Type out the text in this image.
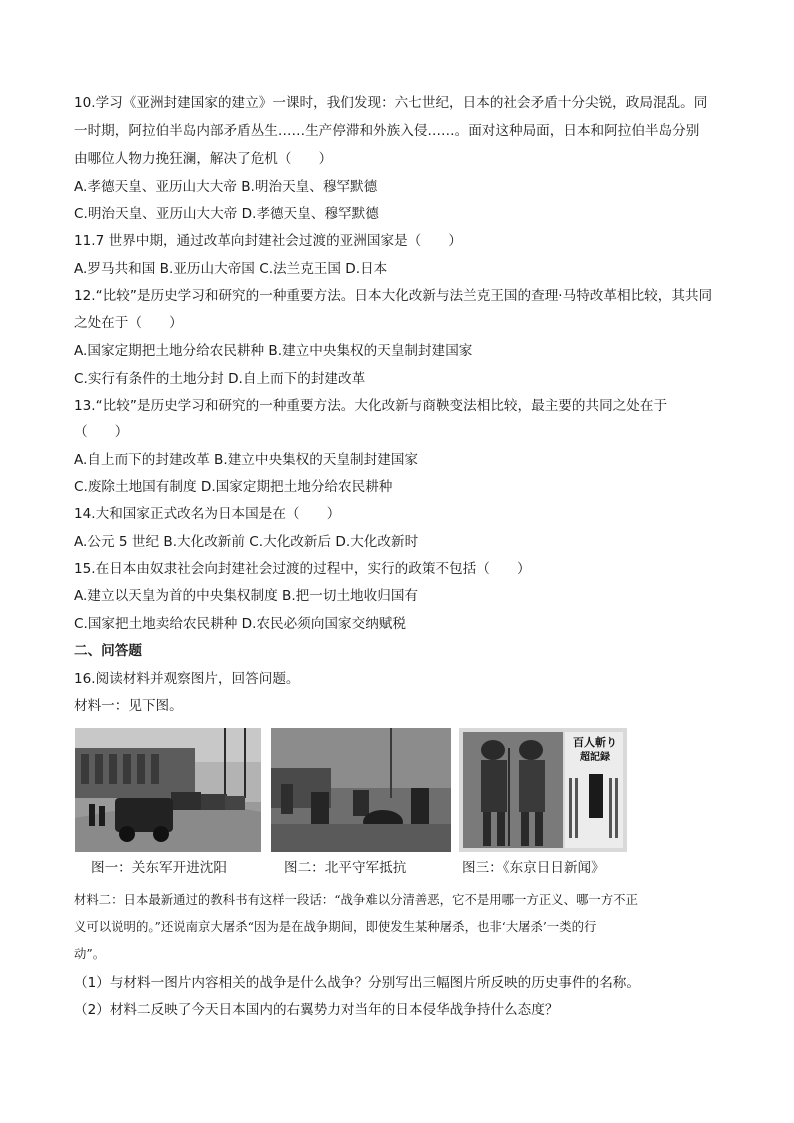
10.学习《亚洲封建国家的建立》一课时，我们发现：六七世纪，日本的社会矛盾十分尖锐，政局混乱。同
一时期，阿拉伯半岛内部矛盾丛生……生产停滞和外族入侵……。面对这种局面，日本和阿拉伯半岛分别
由哪位人物力挽狂澜，解决了危机（　　）
A.孝德天皇、亚历山大大帝 B.明治天皇、穆罕默德
C.明治天皇、亚历山大大帝 D.孝德天皇、穆罕默德
11.7 世界中期，通过改革向封建社会过渡的亚洲国家是（　　）
A.罗马共和国 B.亚历山大帝国 C.法兰克王国 D.日本
12.“比较”是历史学习和研究的一种重要方法。日本大化改新与法兰克王国的查理·马特改革相比较，其共同
之处在于（　　）
A.国家定期把土地分给农民耕种 B.建立中央集权的天皇制封建国家
C.实行有条件的土地分封 D.自上而下的封建改革
13.“比较”是历史学习和研究的一种重要方法。大化改新与商鞅变法相比较，最主要的共同之处在于
（　　）
A.自上而下的封建改革 B.建立中央集权的天皇制封建国家
C.废除土地国有制度 D.国家定期把土地分给农民耕种
14.大和国家正式改名为日本国是在（　　）
A.公元 5 世纪 B.大化改新前 C.大化改新后 D.大化改新时
15.在日本由奴隶社会向封建社会过渡的过程中，实行的政策不包括（　　）
A.建立以天皇为首的中央集权制度 B.把一切土地收归国有
C.国家把土地卖给农民耕种 D.农民必须向国家交纳赋税
二、问答题
16.阅读材料并观察图片，回答问题。
材料一：见下图。
百人斬り
超記録
图一：关东军开进沈阳	图二：北平守军抵抗	图三：《东京日日新闻》
材料二：日本最新通过的教科书有这样一段话：“战争难以分清善恶，它不是用哪一方正义、哪一方不正
义可以说明的。”还说南京大屠杀“因为是在战争期间，即使发生某种屠杀，也非‘大屠杀’一类的行
动”。
（1）与材料一图片内容相关的战争是什么战争？分别写出三幅图片所反映的历史事件的名称。
（2）材料二反映了今天日本国内的右翼势力对当年的日本侵华战争持什么态度？
